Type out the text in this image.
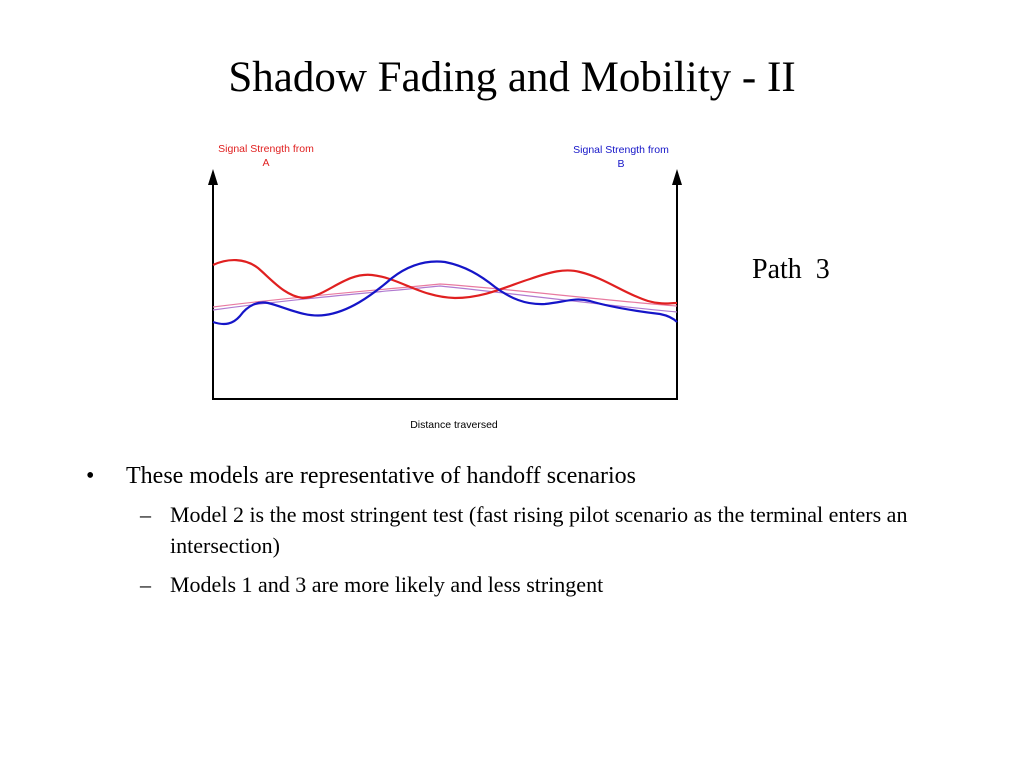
Shadow Fading and Mobility - II
Signal Strength from
A
Signal Strength from
B
Distance traversed
Path  3
• These models are representative of handoff scenarios
– Model 2 is the most stringent test (fast rising pilot scenario as the terminal enters an intersection)
– Models 1 and 3 are more likely and less stringent
